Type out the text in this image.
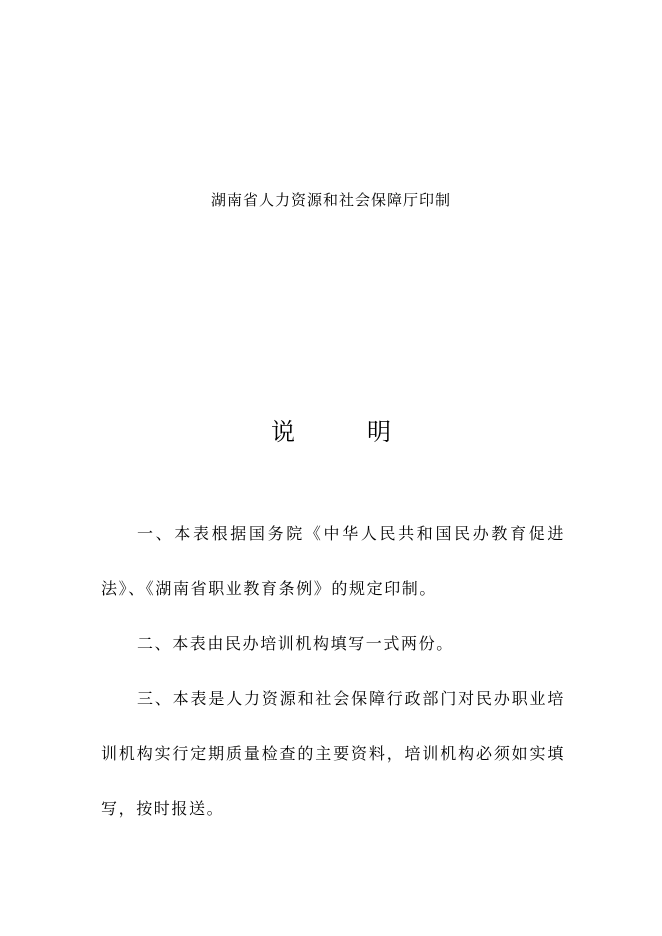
湖南省人力资源和社会保障厅印制
说	明

一、本表根据国务院《中华人民共和国民办教育促进法》、《湖南省职业教育条例》的规定印制。

二、本表由民办培训机构填写一式两份。

三、本表是人力资源和社会保障行政部门对民办职业培训机构实行定期质量检查的主要资料，培训机构必须如实填写，按时报送。
